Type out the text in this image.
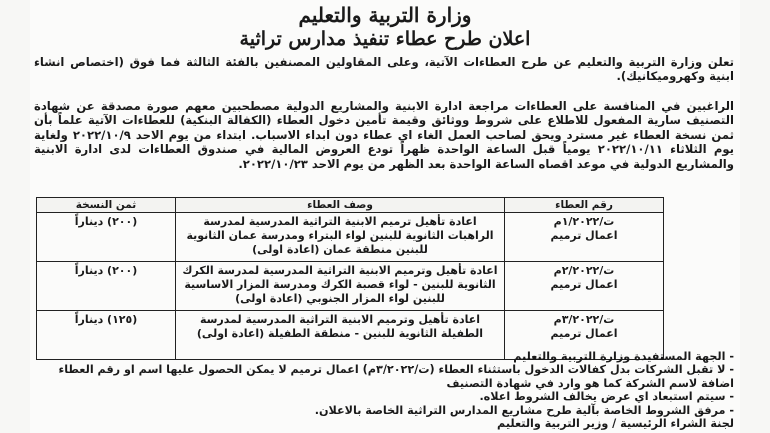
وزارة التربية والتعليم
اعلان طرح عطاء تنفيذ مدارس تراثية

تعلن وزارة التربية والتعليم عن طرح العطاءات الآتية، وعلى المقاولين المصنفين بالفئة الثالثة فما فوق (اختصاص انشاء ابنية وكهروميكانيك).

الراغبين في المنافسة على العطاءات مراجعة ادارة الابنية والمشاريع الدولية مصطحبين معهم صورة مصدقة عن شهادة التصنيف سارية المفعول للاطلاع على شروط ووثائق وقيمة تأمين دخول العطاء (الكفالة البنكية) للعطاءات الآتية علماً بأن ثمن نسخة العطاء غير مسترد ويحق لصاحب العمل الغاء اي عطاء دون ابداء الاسباب. ابتداء من يوم الاحد ٢٠٢٢/١٠/٩ ولغاية يوم الثلاثاء ٢٠٢٢/١٠/١١ يومياً قبل الساعة الواحدة ظهراً تودع العروض المالية في صندوق العطاءات لدى ادارة الابنية والمشاريع الدولية في موعد اقصاه الساعة الواحدة بعد الظهر من يوم الاحد ٢٠٢٢/١٠/٢٣.

رقم العطاء	وصف العطاء	ثمن النسخة

ت/١/٢٠٢٢م
اعمال ترميم	اعادة تأهيل ترميم الابنية التراثية المدرسية لمدرسة الراهبات الثانوية للبنين لواء البتراء ومدرسة عمان الثانوية للبنين منطقة عمان (اعادة اولى)	(٢٠٠) ديناراً

ت/٢/٢٠٢٢م
اعمال ترميم	اعادة تأهيل وترميم الابنية التراثية المدرسية لمدرسة الكرك الثانوية للبنين - لواء قصبة الكرك ومدرسة المزار الاساسية للبنين لواء المزار الجنوبي (اعادة اولى)	(٢٠٠) ديناراً

ت/٣/٢٠٢٢م
اعمال ترميم	اعادة تأهيل وترميم الابنية التراثية المدرسية لمدرسة الطفيلة الثانوية للبنين - منطقة الطفيلة (اعادة اولى)	(١٢٥) ديناراً
- الجهة المستفيدة وزارة التربية والتعليم
- لا تقبل الشركات بدل كفالات الدخول باستثناء العطاء (ت/٣/٢٠٢٢م) اعمال ترميم لا يمكن الحصول عليها اسم او رقم العطاء اضافة لاسم الشركة كما هو وارد في شهادة التصنيف
- سيتم استبعاد اي عرض يخالف الشروط اعلاه.
- مرفق الشروط الخاصة بآلية طرح مشاريع المدارس التراثية الخاصة بالاعلان.
لجنة الشراء الرئيسية / وزير التربية والتعليم
